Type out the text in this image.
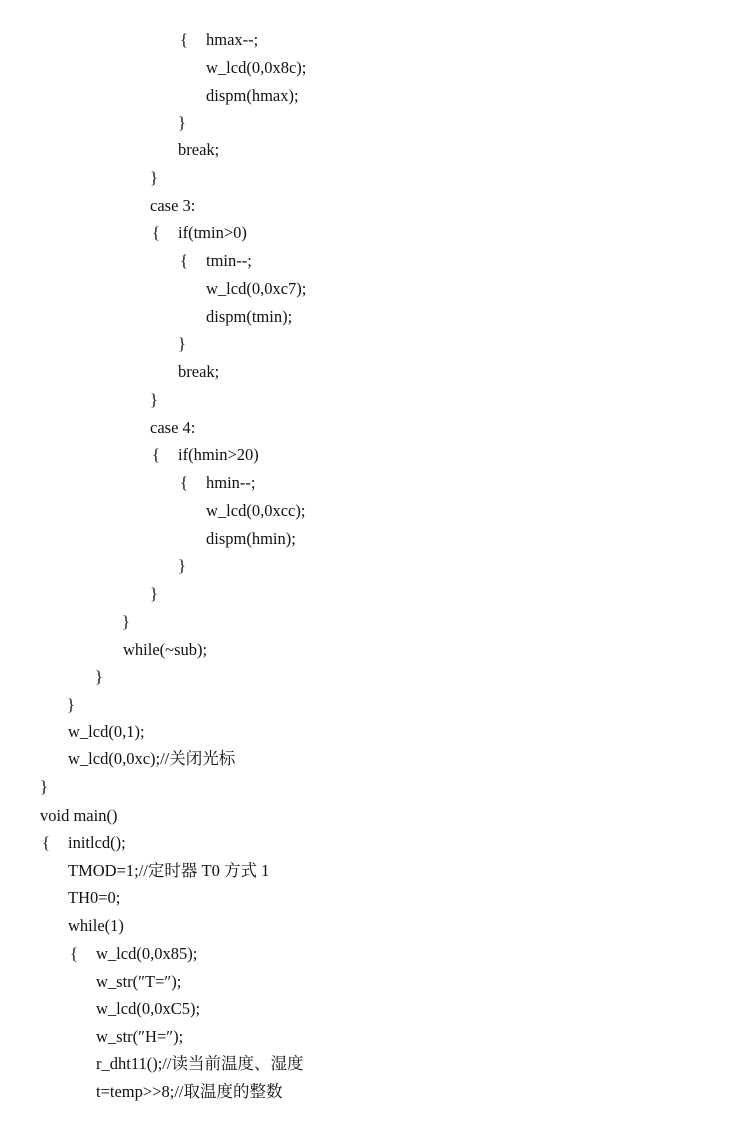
{ hmax--;
w_lcd(0,0x8c);
dispm(hmax);
}
break;
}
case 3:
{ if(tmin>0)
{ tmin--;
w_lcd(0,0xc7);
dispm(tmin);
}
break;
}
case 4:
{ if(hmin>20)
{ hmin--;
w_lcd(0,0xcc);
dispm(hmin);
}
}
}
while(~sub);
}
}
w_lcd(0,1);
w_lcd(0,0xc);//关闭光标
}
void main()
{ initlcd();
TMOD=1;//定时器 T0 方式 1
TH0=0;
while(1)
{ w_lcd(0,0x85);
w_str(″T=″);
w_lcd(0,0xC5);
w_str(″H=″);
r_dht11();//读当前温度、湿度
t=temp>>8;//取温度的整数
